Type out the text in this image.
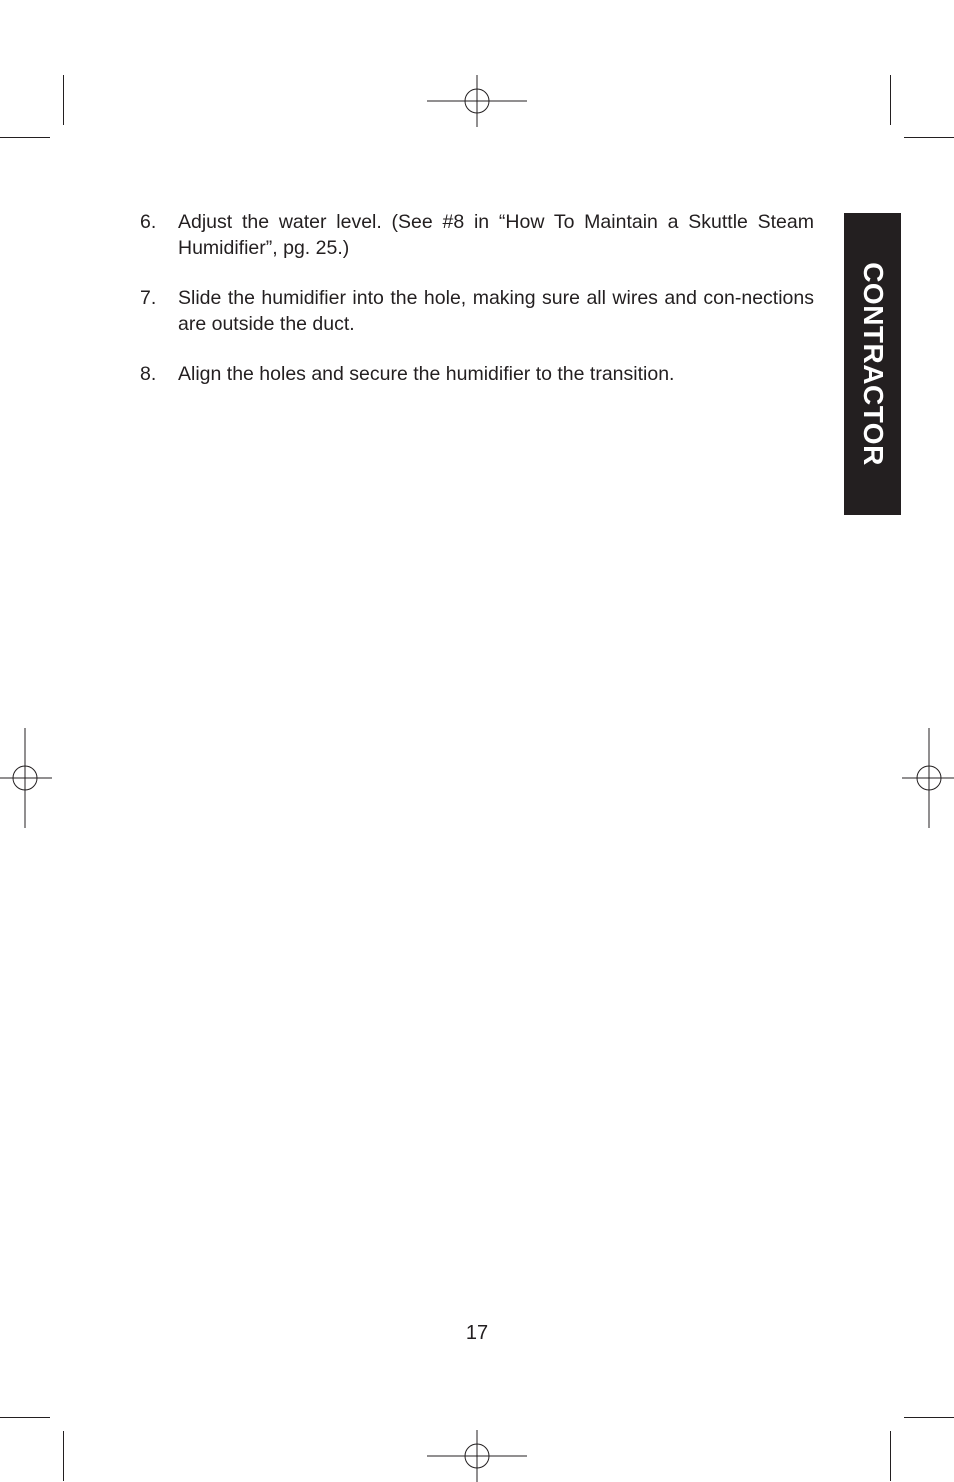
6.	Adjust the water level. (See #8 in “How To Maintain a Skuttle Steam Humidifier”, pg. 25.)
7.	Slide the humidifier into the hole, making sure all wires and con-nections are outside the duct.
8.	Align the holes and secure the humidifier to the transition.	CONTRACTOR
17
